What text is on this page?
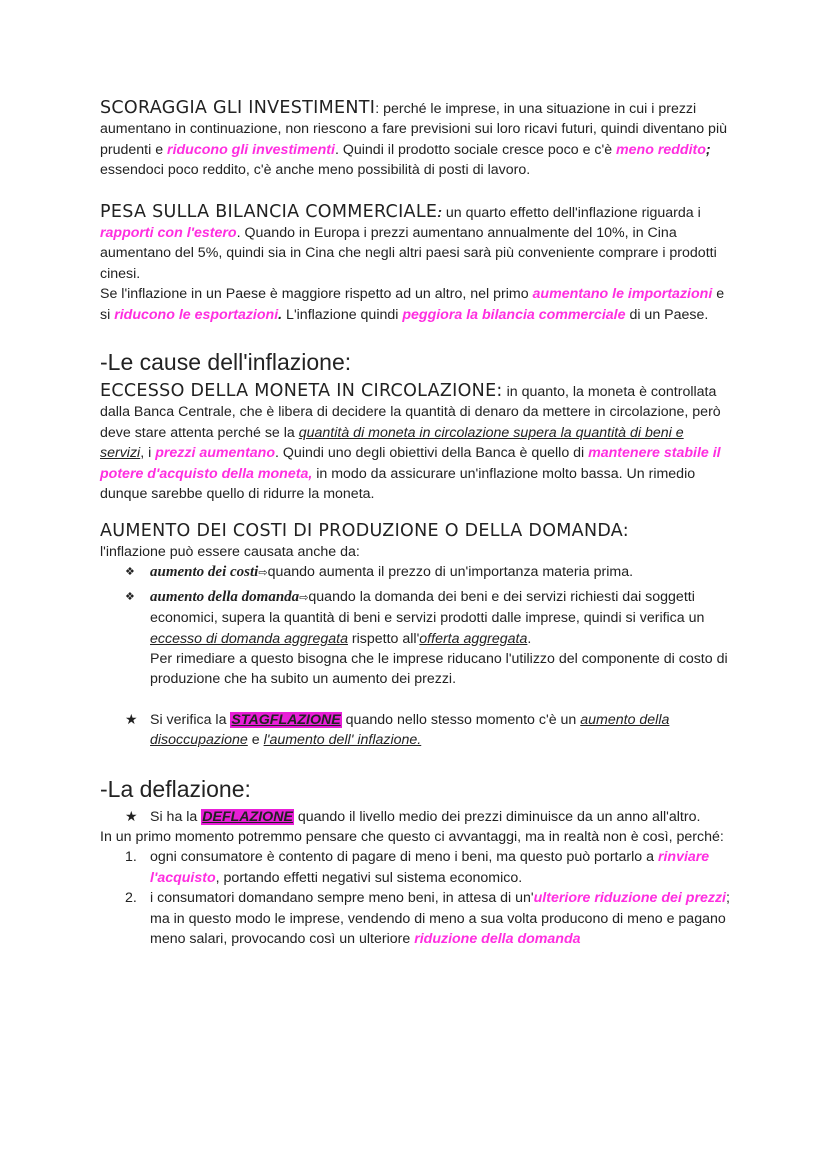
SCORAGGIA GLI INVESTIMENTI: perché le imprese, in una situazione in cui i prezzi aumentano in continuazione, non riescono a fare previsioni sui loro ricavi futuri, quindi diventano più prudenti e riducono gli investimenti. Quindi il prodotto sociale cresce poco e c'è meno reddito; essendoci poco reddito, c'è anche meno possibilità di posti di lavoro.

PESA SULLA BILANCIA COMMERCIALE: un quarto effetto dell'inflazione riguarda i rapporti con l'estero. Quando in Europa i prezzi aumentano annualmente del 10%, in Cina aumentano del 5%, quindi sia in Cina che negli altri paesi sarà più conveniente comprare i prodotti cinesi.
Se l'inflazione in un Paese è maggiore rispetto ad un altro, nel primo aumentano le importazioni e si riducono le esportazioni. L'inflazione quindi peggiora la bilancia commerciale di un Paese.

-Le cause dell'inflazione:

ECCESSO DELLA MONETA IN CIRCOLAZIONE: in quanto, la moneta è controllata dalla Banca Centrale, che è libera di decidere la quantità di denaro da mettere in circolazione, però deve stare attenta perché se la quantità di moneta in circolazione supera la quantità di beni e servizi, i prezzi aumentano. Quindi uno degli obiettivi della Banca è quello di mantenere stabile il potere d'acquisto della moneta, in modo da assicurare un'inflazione molto bassa. Un rimedio dunque sarebbe quello di ridurre la moneta.

AUMENTO DEI COSTI DI PRODUZIONE O DELLA DOMANDA:
l'inflazione può essere causata anche da:

❖ aumento dei costi⇨quando aumenta il prezzo di un'importanza materia prima.
❖ aumento della domanda⇨quando la domanda dei beni e dei servizi richiesti dai soggetti economici, supera la quantità di beni e servizi prodotti dalle imprese, quindi si verifica un eccesso di domanda aggregata rispetto all'offerta aggregata.
Per rimediare a questo bisogna che le imprese riducano l'utilizzo del componente di costo di produzione che ha subito un aumento dei prezzi.
★ Si verifica la STAGFLAZIONE quando nello stesso momento c'è un aumento della disoccupazione e l'aumento dell' inflazione.
-La deflazione:
★ Si ha la DEFLAZIONE quando il livello medio dei prezzi diminuisce da un anno all'altro.

In un primo momento potremmo pensare che questo ci avvantaggi, ma in realtà non è così, perché:

1. ogni consumatore è contento di pagare di meno i beni, ma questo può portarlo a rinviare l'acquisto, portando effetti negativi sul sistema economico.
2. i consumatori domandano sempre meno beni, in attesa di un'ulteriore riduzione dei prezzi; ma in questo modo le imprese, vendendo di meno a sua volta producono di meno e pagano meno salari, provocando così un ulteriore riduzione della domanda
